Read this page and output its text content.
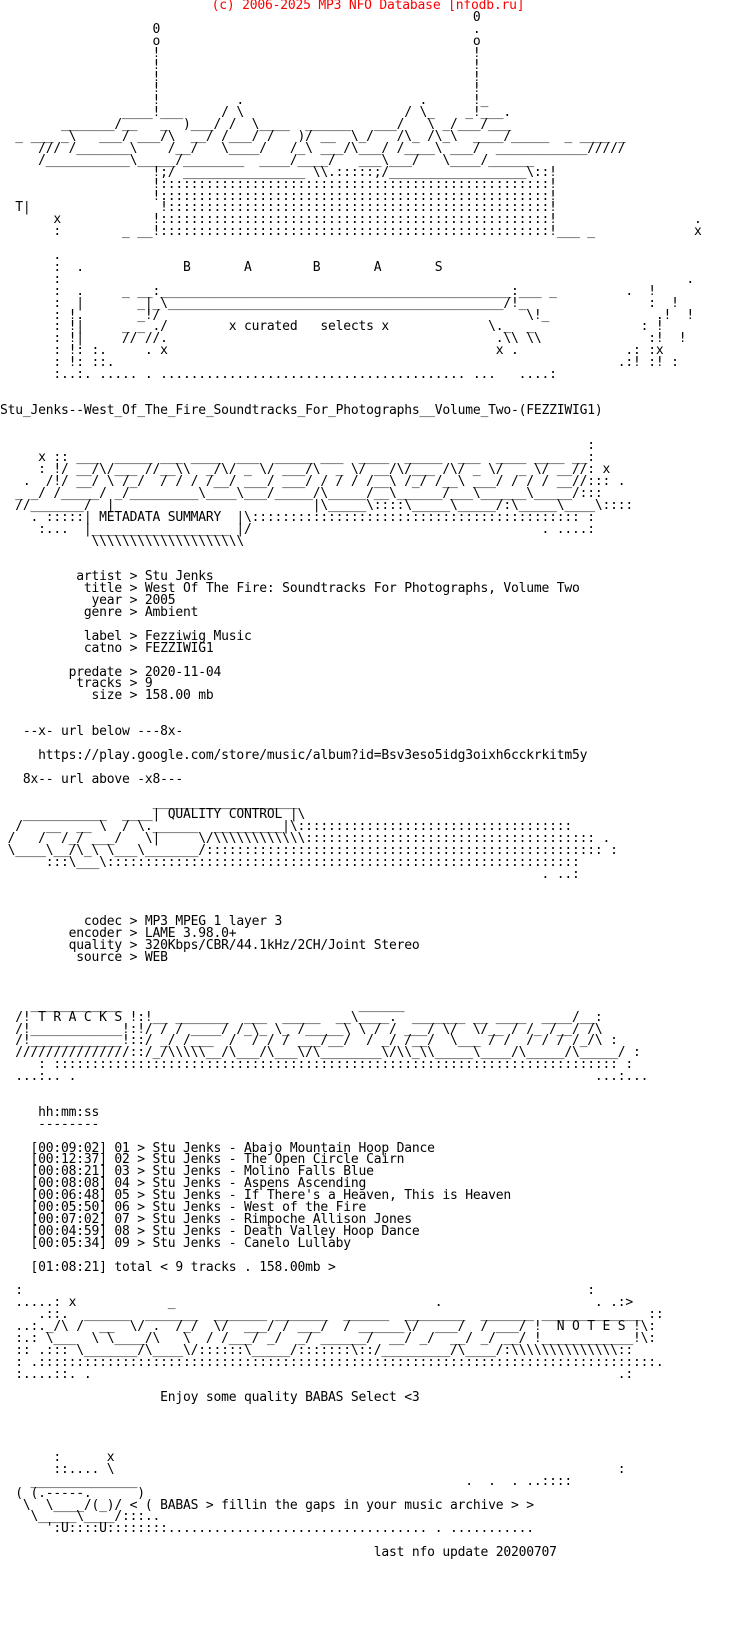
(c) 2006-2025 MP3 NFO Database [nfodb.ru]
0
0                                         .
o                                         o
!                                         !
!                                         !
!                                         !
!                                         !
!          .                       .      !_
____!___     / \                     / \_    _!___.
_______/__   _  )___/ /  \____  ______   ___/   \ _/___/___
_ ___ _\   ___/ ___/\  __/ /___/ /   )/ __  \_/   /\_ /\_\  ____/_____  _ ____ _
/// /_______\    /__/   \____/   /_\ ___/\___/ /____\ ___/  ____________/////
/___________\_____/________  ____/____/   ___\___/   \____/______
!;/ ________________ \\.:::::;/__________________\::!
!:::::::::::::::::::::::::::::::::::::::::::::::::::!
!:::::::::::::::::::::::::::::::::::::::::::::::::::!
T|                 !::::::::::::::::::::::::::::::::::::::::::::::::::!
x            !:::::::::::::::::::::::::::::::::::::::::::::::::::!                  .
:        _ __!:::::::::::::::::::::::::::::::::::::::::::::::::::!___ _             x
.
:  .             B       A        B       A       S
:                                                                                  .
:  .     _ __:______________________________________________:___ _         .  !
:  |       _|_\____________________________________________/!_                :  !
: !.       _!/                                                \!_              .!  !
: !|     _ _ ./        x curated   selects x             \._  _              : !
: !|     // //.                                           .\\ \\              :!  !
: !: :.     . x                                           x .              .: :x
: !: ::.                                                                  .:! :! :
:..:. ..... . ........................................ ...   ....:
Stu_Jenks--West_Of_The_Fire_Soundtracks_For_Photographs__Volume_Two-(FEZZIWIG1)
:
x :: ___  _____ ___ ____  ___  _____ ___  ____  _____  ___  ____ ____ __:
: !/ __/\/___ //__\\  _/\/ _ \/ ___/\  _ \/ __/\/___ /\/ _ \/  _ \/ __//: x
.  /!/ __/ \ /_/  / / / /__/ ___/ ___/ / / / /__\ /_/ /__\ ___/ / / / __//::: .
_ _/ /_____/ _/_________\____\___/_____/\_____/__\______/___\______\_____/:::
//_______/  |                          |\_____\::::\_____\_____/:\_____\____\::::
. :::::| METADATA SUMMARY  |\::::::::::::::::::::::::::::::::::::::::::: :
:...  |__________________ |/                                      . ....:
\\\\\\\\\\\\\\\\\\\\
artist > Stu Jenks
title > West Of The Fire: Soundtracks For Photographs, Volume Two
year > 2005
genre > Ambient
label > Fezziwig Music
catno > FEZZIWIG1
predate > 2020-11-04
tracks > 9
size > 158.00 mb
--x- url below ---8x-
https://play.google.com/store/music/album?id=Bsv3eso5idg3oixh6cckrkitm5y
8x-- url above -x8---
___________________
___________  ____| QUALITY CONTROL |\
/   __  __ \  / \.______  _________|\::::::::::::::::::::::::::::::::::::
/   /  /_/ ___/   \|     \/\\\\\\\\\\\\:::::::::::::::::::::::::::::::::::::: .
\____\__/\_\ \___\_______/:::::::::::::::::::::::::::::::::::::::::::::::::::: :
:::\___\::::::::::::::::::::::::::::::::::::::::::::::::::::::::::::::
. ..:
codec > MP3 MPEG 1 layer 3
encoder > LAME 3.98.0+
quality > 320Kbps/CBR/44.1kHz/2CH/Joint Stereo
source > WEB
____________                               ______
/! T R A C K S !:!__ _______  ___  _____  __\____.  _______ __ ____  ____/__:
/!____________!:!/ / / ____/ /_\_ \_ /_____\ \ / / ___/ \/  \/__ / /_ /__/ /\
/!____________!::/ _/ /___  /  / / / ___/__/  / _/ /__/  \___ / /  / / / /_/\ :
///////////////::/_/\\\\\__/\___/\___\/\________\/\\_\\_____\____/\_____/\_____/ :
: :::::::::::::::::::::::::::::::::::::::::::::::::::::::::::::::::::::::::: :
...:.. .                                                                    ...:...
hh:mm:ss
--------
[00:09:02] 01 > Stu Jenks - Abajo Mountain Hoop Dance
[00:12:37] 02 > Stu Jenks - The Open Circle Cairn
[00:08:21] 03 > Stu Jenks - Molino Falls Blue
[00:08:08] 04 > Stu Jenks - Aspens Ascending
[00:06:48] 05 > Stu Jenks - If There's a Heaven, This is Heaven
[00:05:50] 06 > Stu Jenks - West of the Fire
[00:07:02] 07 > Stu Jenks - Rimpoche Allison Jones
[00:04:59] 08 > Stu Jenks - Death Valley Hoop Dance
[00:05:34] 09 > Stu Jenks - Canelo Lullaby
[01:08:21] total < 9 tracks . 158.00mb >
:                                                                          :
.....: x            _                                  .                    . .:>
.::.  ______  _______  _______ _______  ______  ________  _______ ______ ______ ::
..:._/\ /  __  \/ .  /_/  \/  ___/ / ___/  / ______\/  ___/  / ___/ !  N O T E S !\:
:.: \___  \ \____/\   \  / /___/ _/  _/ ______/  __/ _/  __/ _/ __/ !____________!\:
:: .::: \_______/\____\/::::::\_____/:::::::\::/_________/\____/:\\\\\\\\\\\\\\::
: .:::::::::::::::::::::::::::::::::::::::::::::::::::::::::::::::::::::::::::::::::.
:....::. .                                                                     .:
Enjoy some quality BABAS Select <3
:      x
::.... \                                                                  :
______________                                           .  .  . ..::::
( (.-----.      )
\  \____/(_)/ < ( BABAS > fillin the gaps in your music archive > >
\_____\____/:::..
':U::::U::::::::.................................. . ...........
last nfo update 20200707
